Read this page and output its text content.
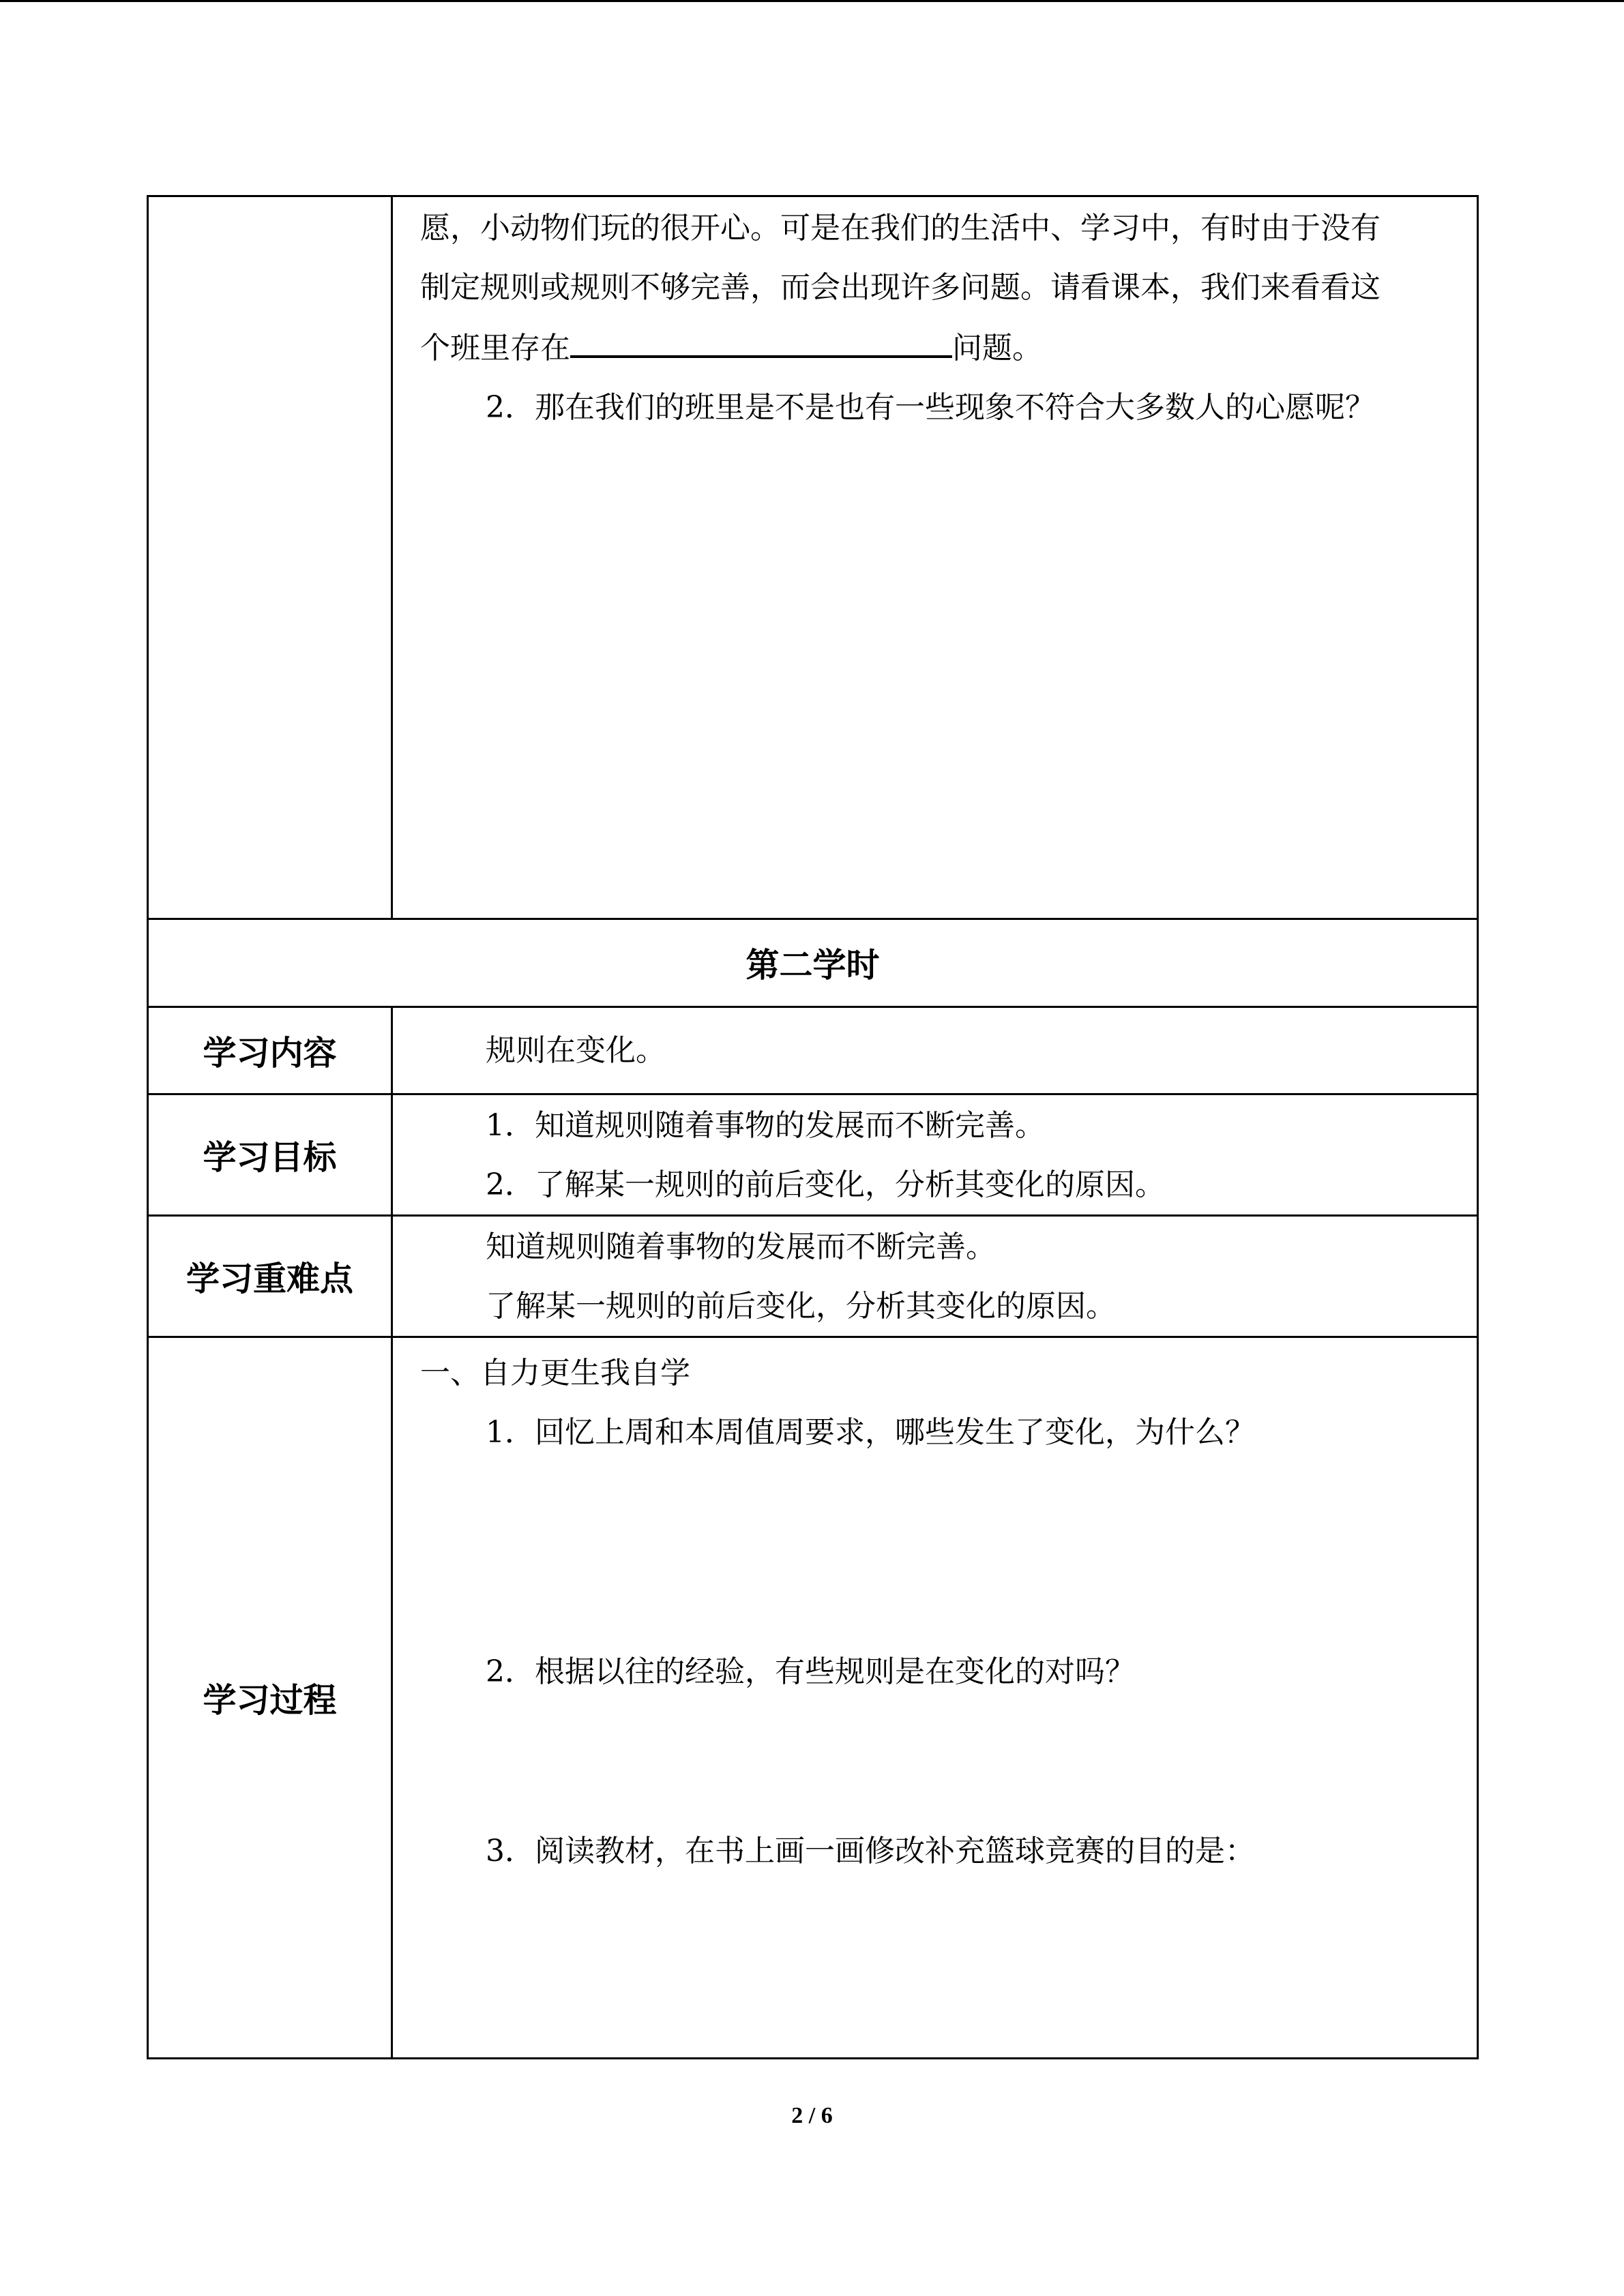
	愿，小动物们玩的很开心。可是在我们的生活中、学习中，有时由于没有

制定规则或规则不够完善，而会出现许多问题。请看课本，我们来看看这

个班里存在 问题。

2．那在我们的班里是不是也有一些现象不符合大多数人的心愿呢？

第二学时	
学习内容	规则在变化。

学习目标	1．知道规则随着事物的发展而不断完善。

2．了解某一规则的前后变化，分析其变化的原因。

学习重难点	知道规则随着事物的发展而不断完善。

了解某一规则的前后变化，分析其变化的原因。

学习过程	一、自力更生我自学

1．回忆上周和本周值周要求，哪些发生了变化，为什么？

2．根据以往的经验，有些规则是在变化的对吗？

3．阅读教材，在书上画一画修改补充篮球竞赛的目的是：

2 / 6
